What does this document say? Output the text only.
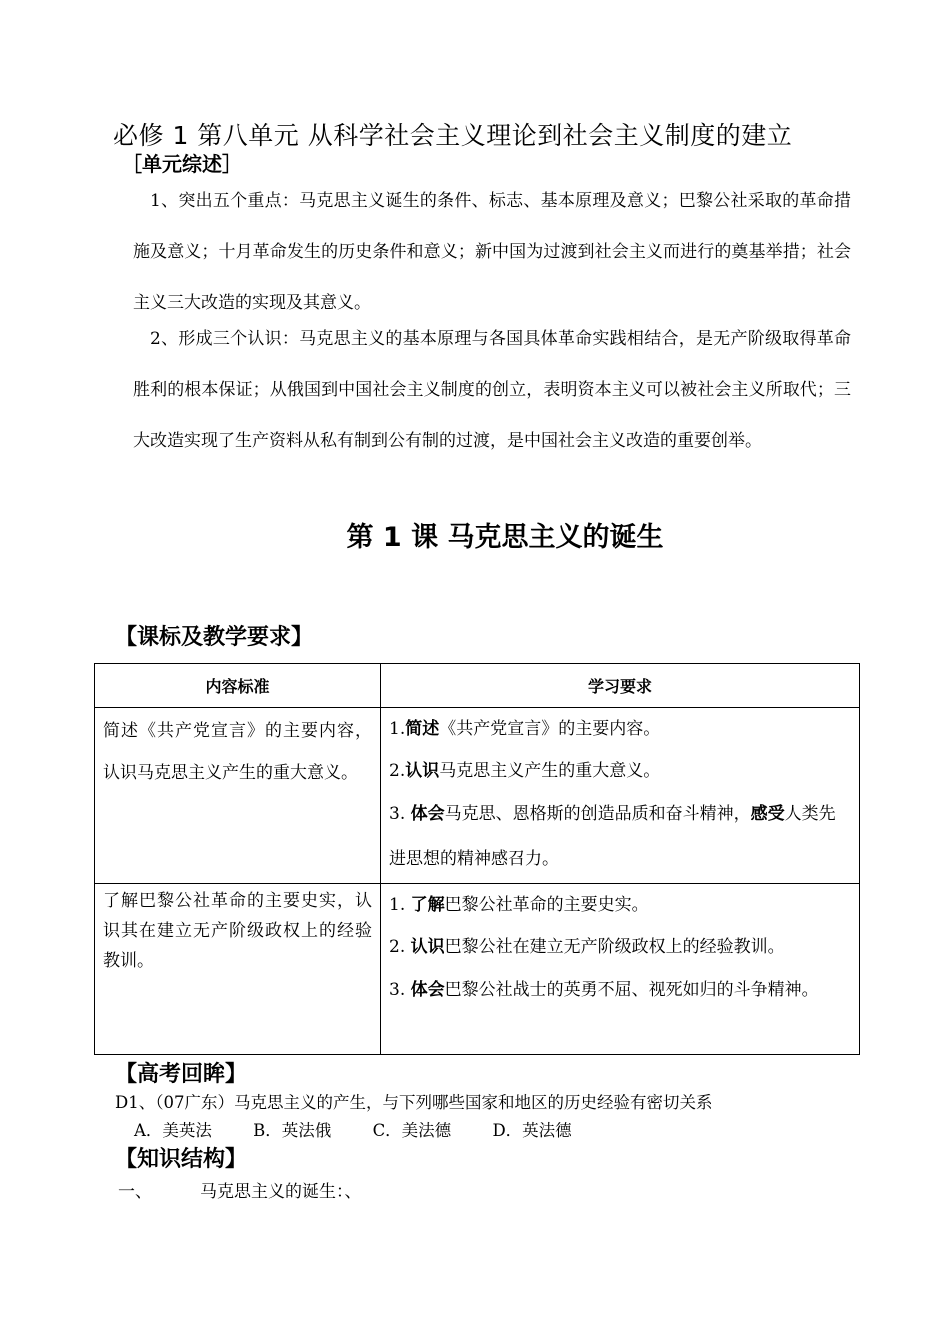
必修 1 第八单元 从科学社会主义理论到社会主义制度的建立
［单元综述］
1、突出五个重点：马克思主义诞生的条件、标志、基本原理及意义；巴黎公社采取的革命措施及意义；十月革命发生的历史条件和意义；新中国为过渡到社会主义而进行的奠基举措；社会主义三大改造的实现及其意义。
2、形成三个认识：马克思主义的基本原理与各国具体革命实践相结合，是无产阶级取得革命胜利的根本保证；从俄国到中国社会主义制度的创立，表明资本主义可以被社会主义所取代；三大改造实现了生产资料从私有制到公有制的过渡，是中国社会主义改造的重要创举。
第 1 课 马克思主义的诞生
【课标及教学要求】
内容标准	学习要求
简述《共产党宣言》的主要内容，认识马克思主义产生的重大意义。	1.简述《共产党宣言》的主要内容。
2.认识马克思主义产生的重大意义。
3. 体会马克思、恩格斯的创造品质和奋斗精神，感受人类先进思想的精神感召力。

了解巴黎公社革命的主要史实，认识其在建立无产阶级政权上的经验教训。	1. 了解巴黎公社革命的主要史实。
2. 认识巴黎公社在建立无产阶级政权上的经验教训。
3. 体会巴黎公社战士的英勇不屈、视死如归的斗争精神。
【高考回眸】
D1、（07广东）马克思主义的产生，与下列哪些国家和地区的历史经验有密切关系
A．美英法	B．英法俄	C．美法德	D．英法德
【知识结构】
一、	马克思主义的诞生：、
